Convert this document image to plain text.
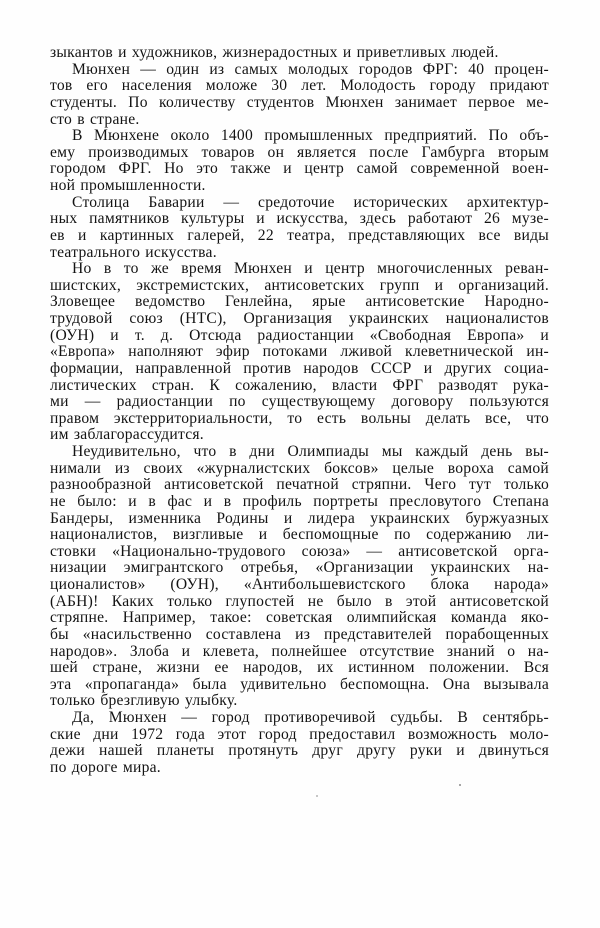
зыкантов и художников, жизнерадостных и приветливых людей.
Мюнхен — один из самых молодых городов ФРГ: 40 процен-
тов его населения моложе 30 лет. Молодость городу придают
студенты. По количеству студентов Мюнхен занимает первое ме-
сто в стране.
В Мюнхене около 1400 промышленных предприятий. По объ-
ему производимых товаров он является после Гамбурга вторым
городом ФРГ. Но это также и центр самой современной воен-
ной промышленности.
Столица Баварии — средоточие исторических архитектур-
ных памятников культуры и искусства, здесь работают 26 музе-
ев и картинных галерей, 22 театра, представляющих все виды
театрального искусства.
Но в то же время Мюнхен и центр многочисленных реван-
шистских, экстремистских, антисоветских групп и организаций.
Зловещее ведомство Генлейна, ярые антисоветские Народно-
трудовой союз (НТС), Организация украинских националистов
(ОУН) и т. д. Отсюда радиостанции «Свободная Европа» и
«Европа» наполняют эфир потоками лживой клеветнической ин-
формации, направленной против народов СССР и других социа-
листических стран. К сожалению, власти ФРГ разводят рука-
ми — радиостанции по существующему договору пользуются
правом экстерриториальности, то есть вольны делать все, что
им заблагорассудится.
Неудивительно, что в дни Олимпиады мы каждый день вы-
нимали из своих «журналистских боксов» целые вороха самой
разнообразной антисоветской печатной стряпни. Чего тут только
не было: и в фас и в профиль портреты пресловутого Степана
Бандеры, изменника Родины и лидера украинских буржуазных
националистов, визгливые и беспомощные по содержанию ли-
стовки «Национально-трудового союза» — антисоветской орга-
низации эмигрантского отребья, «Организации украинских на-
ционалистов» (ОУН), «Антибольшевистского блока народа»
(АБН)! Каких только глупостей не было в этой антисоветской
стряпне. Например, такое: советская олимпийская команда яко-
бы «насильственно составлена из представителей порабощенных
народов». Злоба и клевета, полнейшее отсутствие знаний о на-
шей стране, жизни ее народов, их истинном положении. Вся
эта «пропаганда» была удивительно беспомощна. Она вызывала
только брезгливую улыбку.
Да, Мюнхен — город противоречивой судьбы. В сентябрь-
ские дни 1972 года этот город предоставил возможность моло-
дежи нашей планеты протянуть друг другу руки и двинуться
по дороге мира.
